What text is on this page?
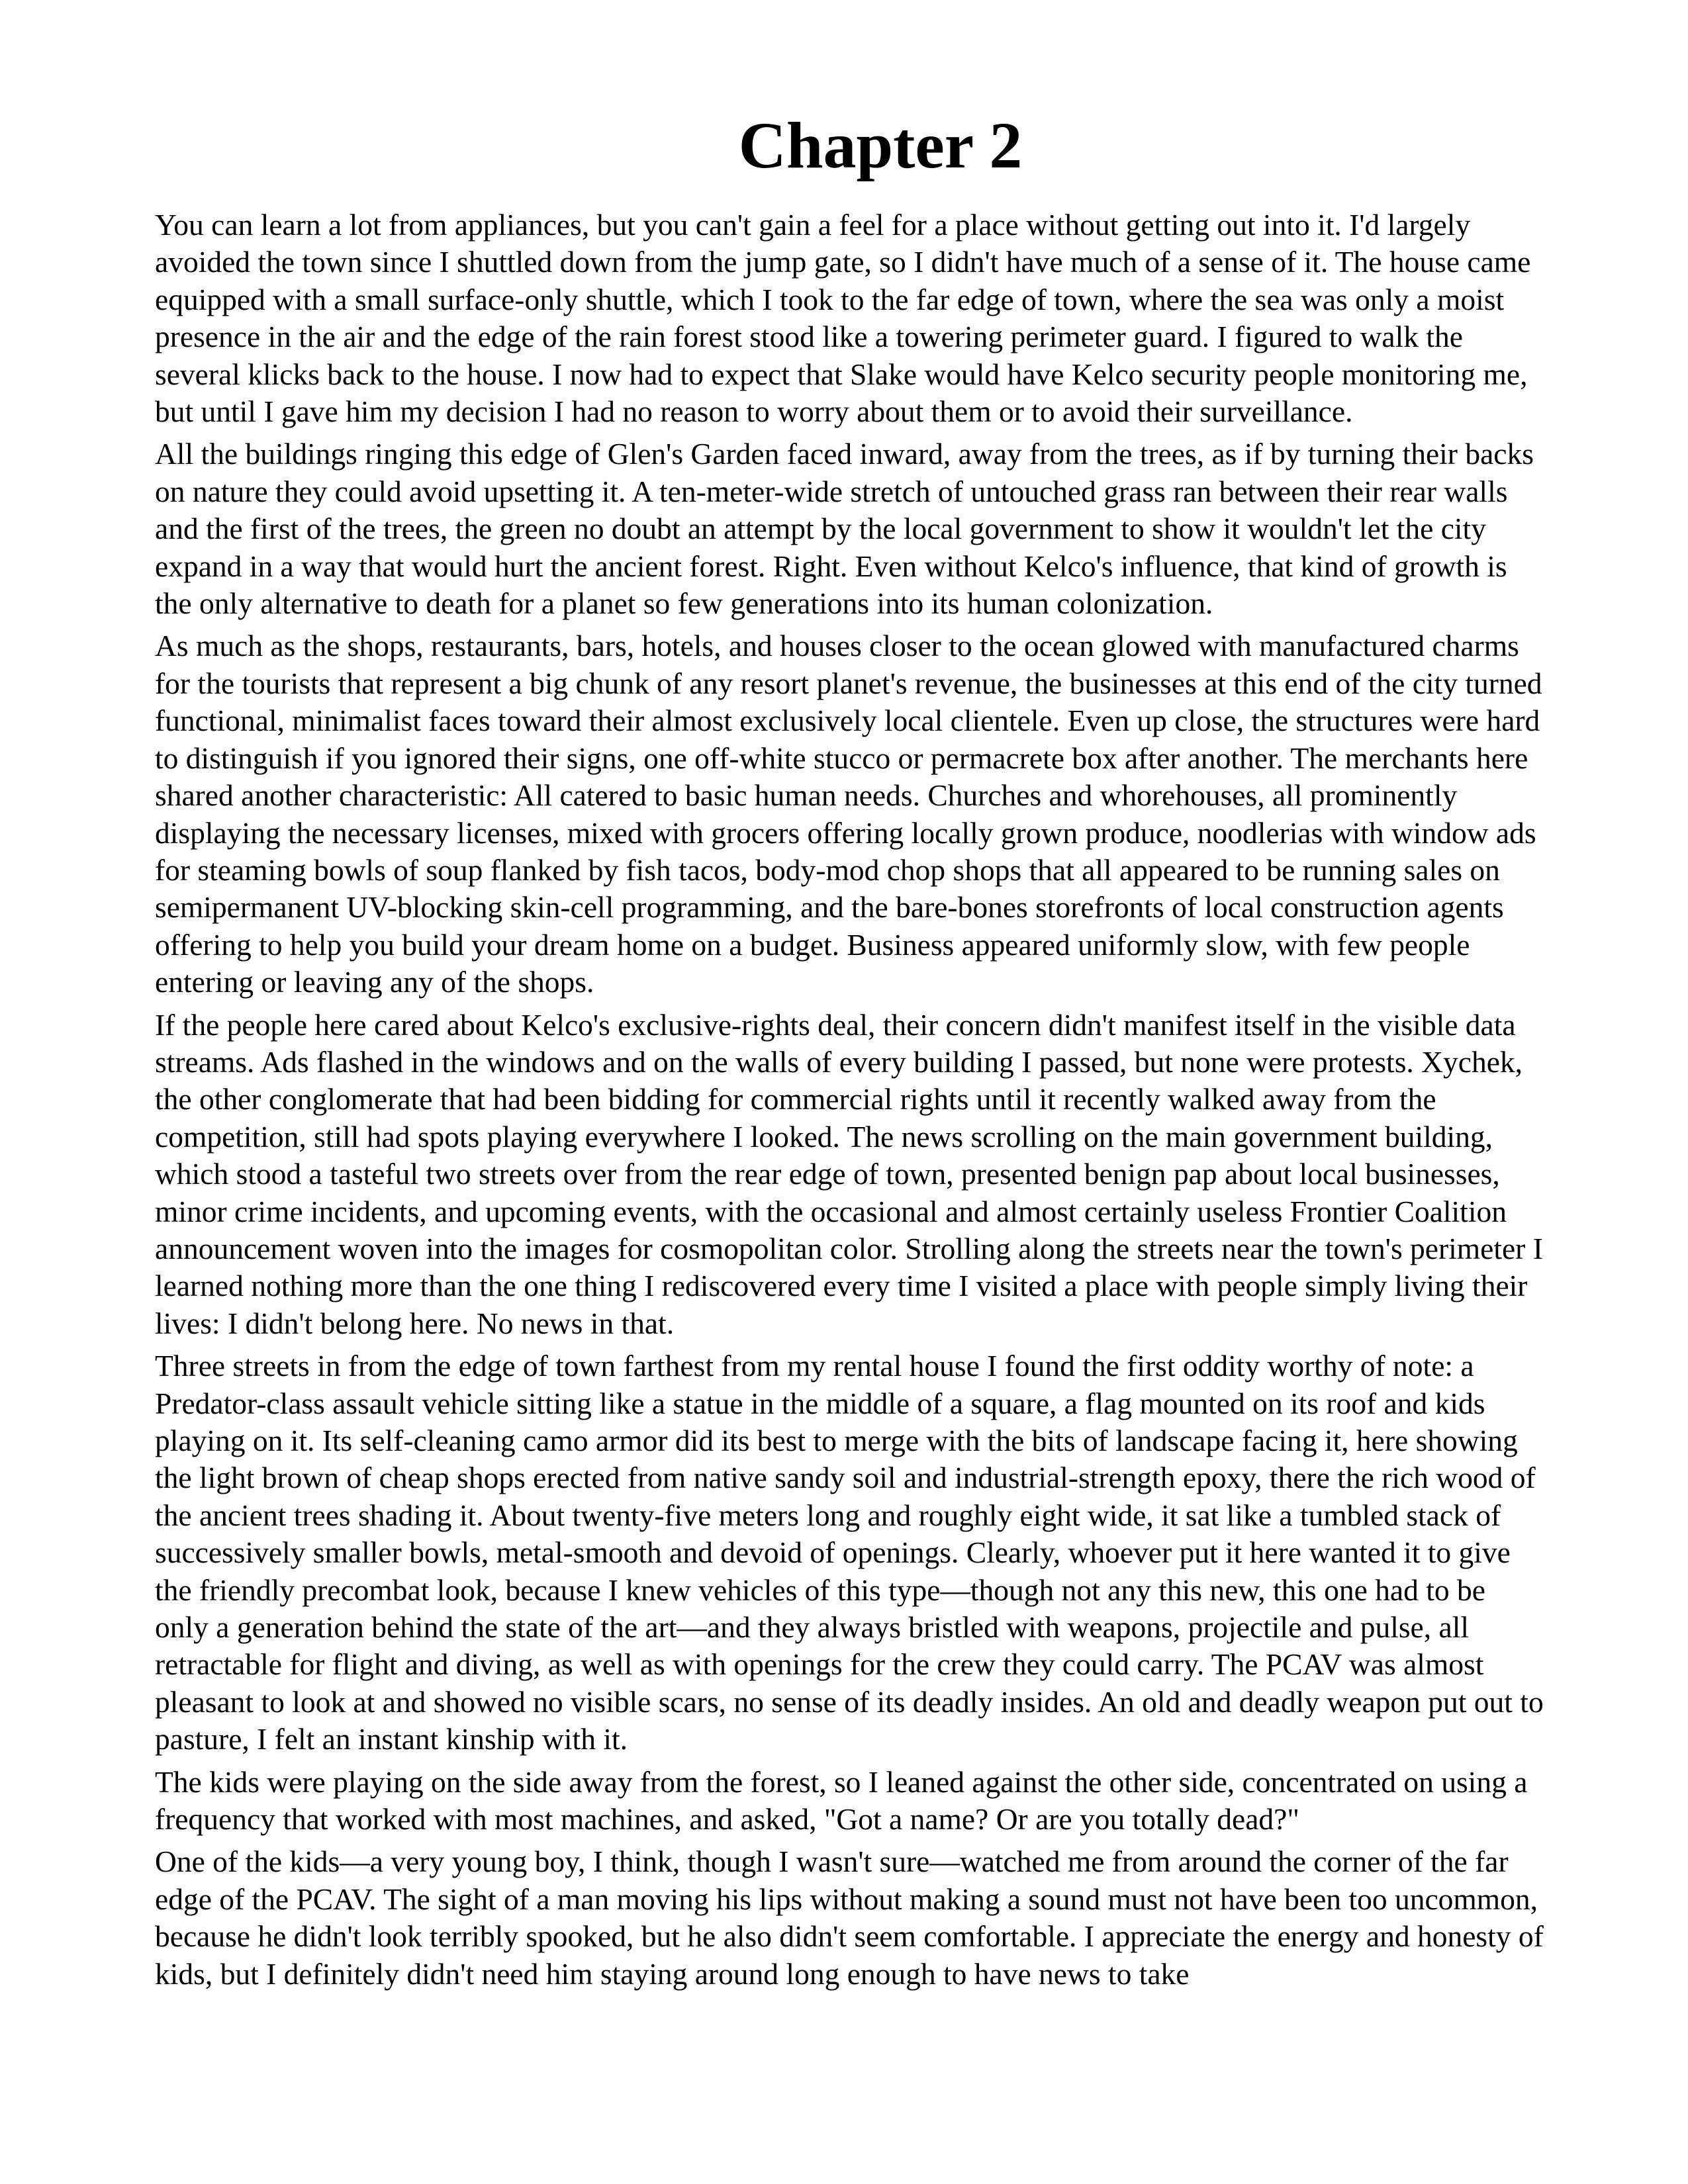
Chapter 2

You can learn a lot from appliances, but you can't gain a feel for a place without getting out into it. I'd largely avoided the town since I shuttled down from the jump gate, so I didn't have much of a sense of it. The house came equipped with a small surface-only shuttle, which I took to the far edge of town, where the sea was only a moist presence in the air and the edge of the rain forest stood like a towering perimeter guard. I figured to walk the several klicks back to the house. I now had to expect that Slake would have Kelco security people monitoring me, but until I gave him my decision I had no reason to worry about them or to avoid their surveillance.

All the buildings ringing this edge of Glen's Garden faced inward, away from the trees, as if by turning their backs on nature they could avoid upsetting it. A ten-meter-wide stretch of untouched grass ran between their rear walls and the first of the trees, the green no doubt an attempt by the local government to show it wouldn't let the city expand in a way that would hurt the ancient forest. Right. Even without Kelco's influence, that kind of growth is the only alternative to death for a planet so few generations into its human colonization.

As much as the shops, restaurants, bars, hotels, and houses closer to the ocean glowed with manufactured charms for the tourists that represent a big chunk of any resort planet's revenue, the businesses at this end of the city turned functional, minimalist faces toward their almost exclusively local clientele. Even up close, the structures were hard to distinguish if you ignored their signs, one off-white stucco or permacrete box after another. The merchants here shared another characteristic: All catered to basic human needs. Churches and whorehouses, all prominently displaying the necessary licenses, mixed with grocers offering locally grown produce, noodlerias with window ads for steaming bowls of soup flanked by fish tacos, body-mod chop shops that all appeared to be running sales on semipermanent UV-blocking skin-cell programming, and the bare-bones storefronts of local construction agents offering to help you build your dream home on a budget. Business appeared uniformly slow, with few people entering or leaving any of the shops.

If the people here cared about Kelco's exclusive-rights deal, their concern didn't manifest itself in the visible data streams. Ads flashed in the windows and on the walls of every building I passed, but none were protests. Xychek, the other conglomerate that had been bidding for commercial rights until it recently walked away from the competition, still had spots playing everywhere I looked. The news scrolling on the main government building, which stood a tasteful two streets over from the rear edge of town, presented benign pap about local businesses, minor crime incidents, and upcoming events, with the occasional and almost certainly useless Frontier Coalition announcement woven into the images for cosmopolitan color. Strolling along the streets near the town's perimeter I learned nothing more than the one thing I rediscovered every time I visited a place with people simply living their lives: I didn't belong here. No news in that.

Three streets in from the edge of town farthest from my rental house I found the first oddity worthy of note: a Predator-class assault vehicle sitting like a statue in the middle of a square, a flag mounted on its roof and kids playing on it. Its self-cleaning camo armor did its best to merge with the bits of landscape facing it, here showing the light brown of cheap shops erected from native sandy soil and industrial-strength epoxy, there the rich wood of the ancient trees shading it. About twenty-five meters long and roughly eight wide, it sat like a tumbled stack of successively smaller bowls, metal-smooth and devoid of openings. Clearly, whoever put it here wanted it to give the friendly precombat look, because I knew vehicles of this type—though not any this new, this one had to be only a generation behind the state of the art—and they always bristled with weapons, projectile and pulse, all retractable for flight and diving, as well as with openings for the crew they could carry. The PCAV was almost pleasant to look at and showed no visible scars, no sense of its deadly insides. An old and deadly weapon put out to pasture, I felt an instant kinship with it.

The kids were playing on the side away from the forest, so I leaned against the other side, concentrated on using a frequency that worked with most machines, and asked, "Got a name? Or are you totally dead?"

One of the kids—a very young boy, I think, though I wasn't sure—watched me from around the corner of the far edge of the PCAV. The sight of a man moving his lips without making a sound must not have been too uncommon, because he didn't look terribly spooked, but he also didn't seem comfortable. I appreciate the energy and honesty of kids, but I definitely didn't need him staying around long enough to have news to take
